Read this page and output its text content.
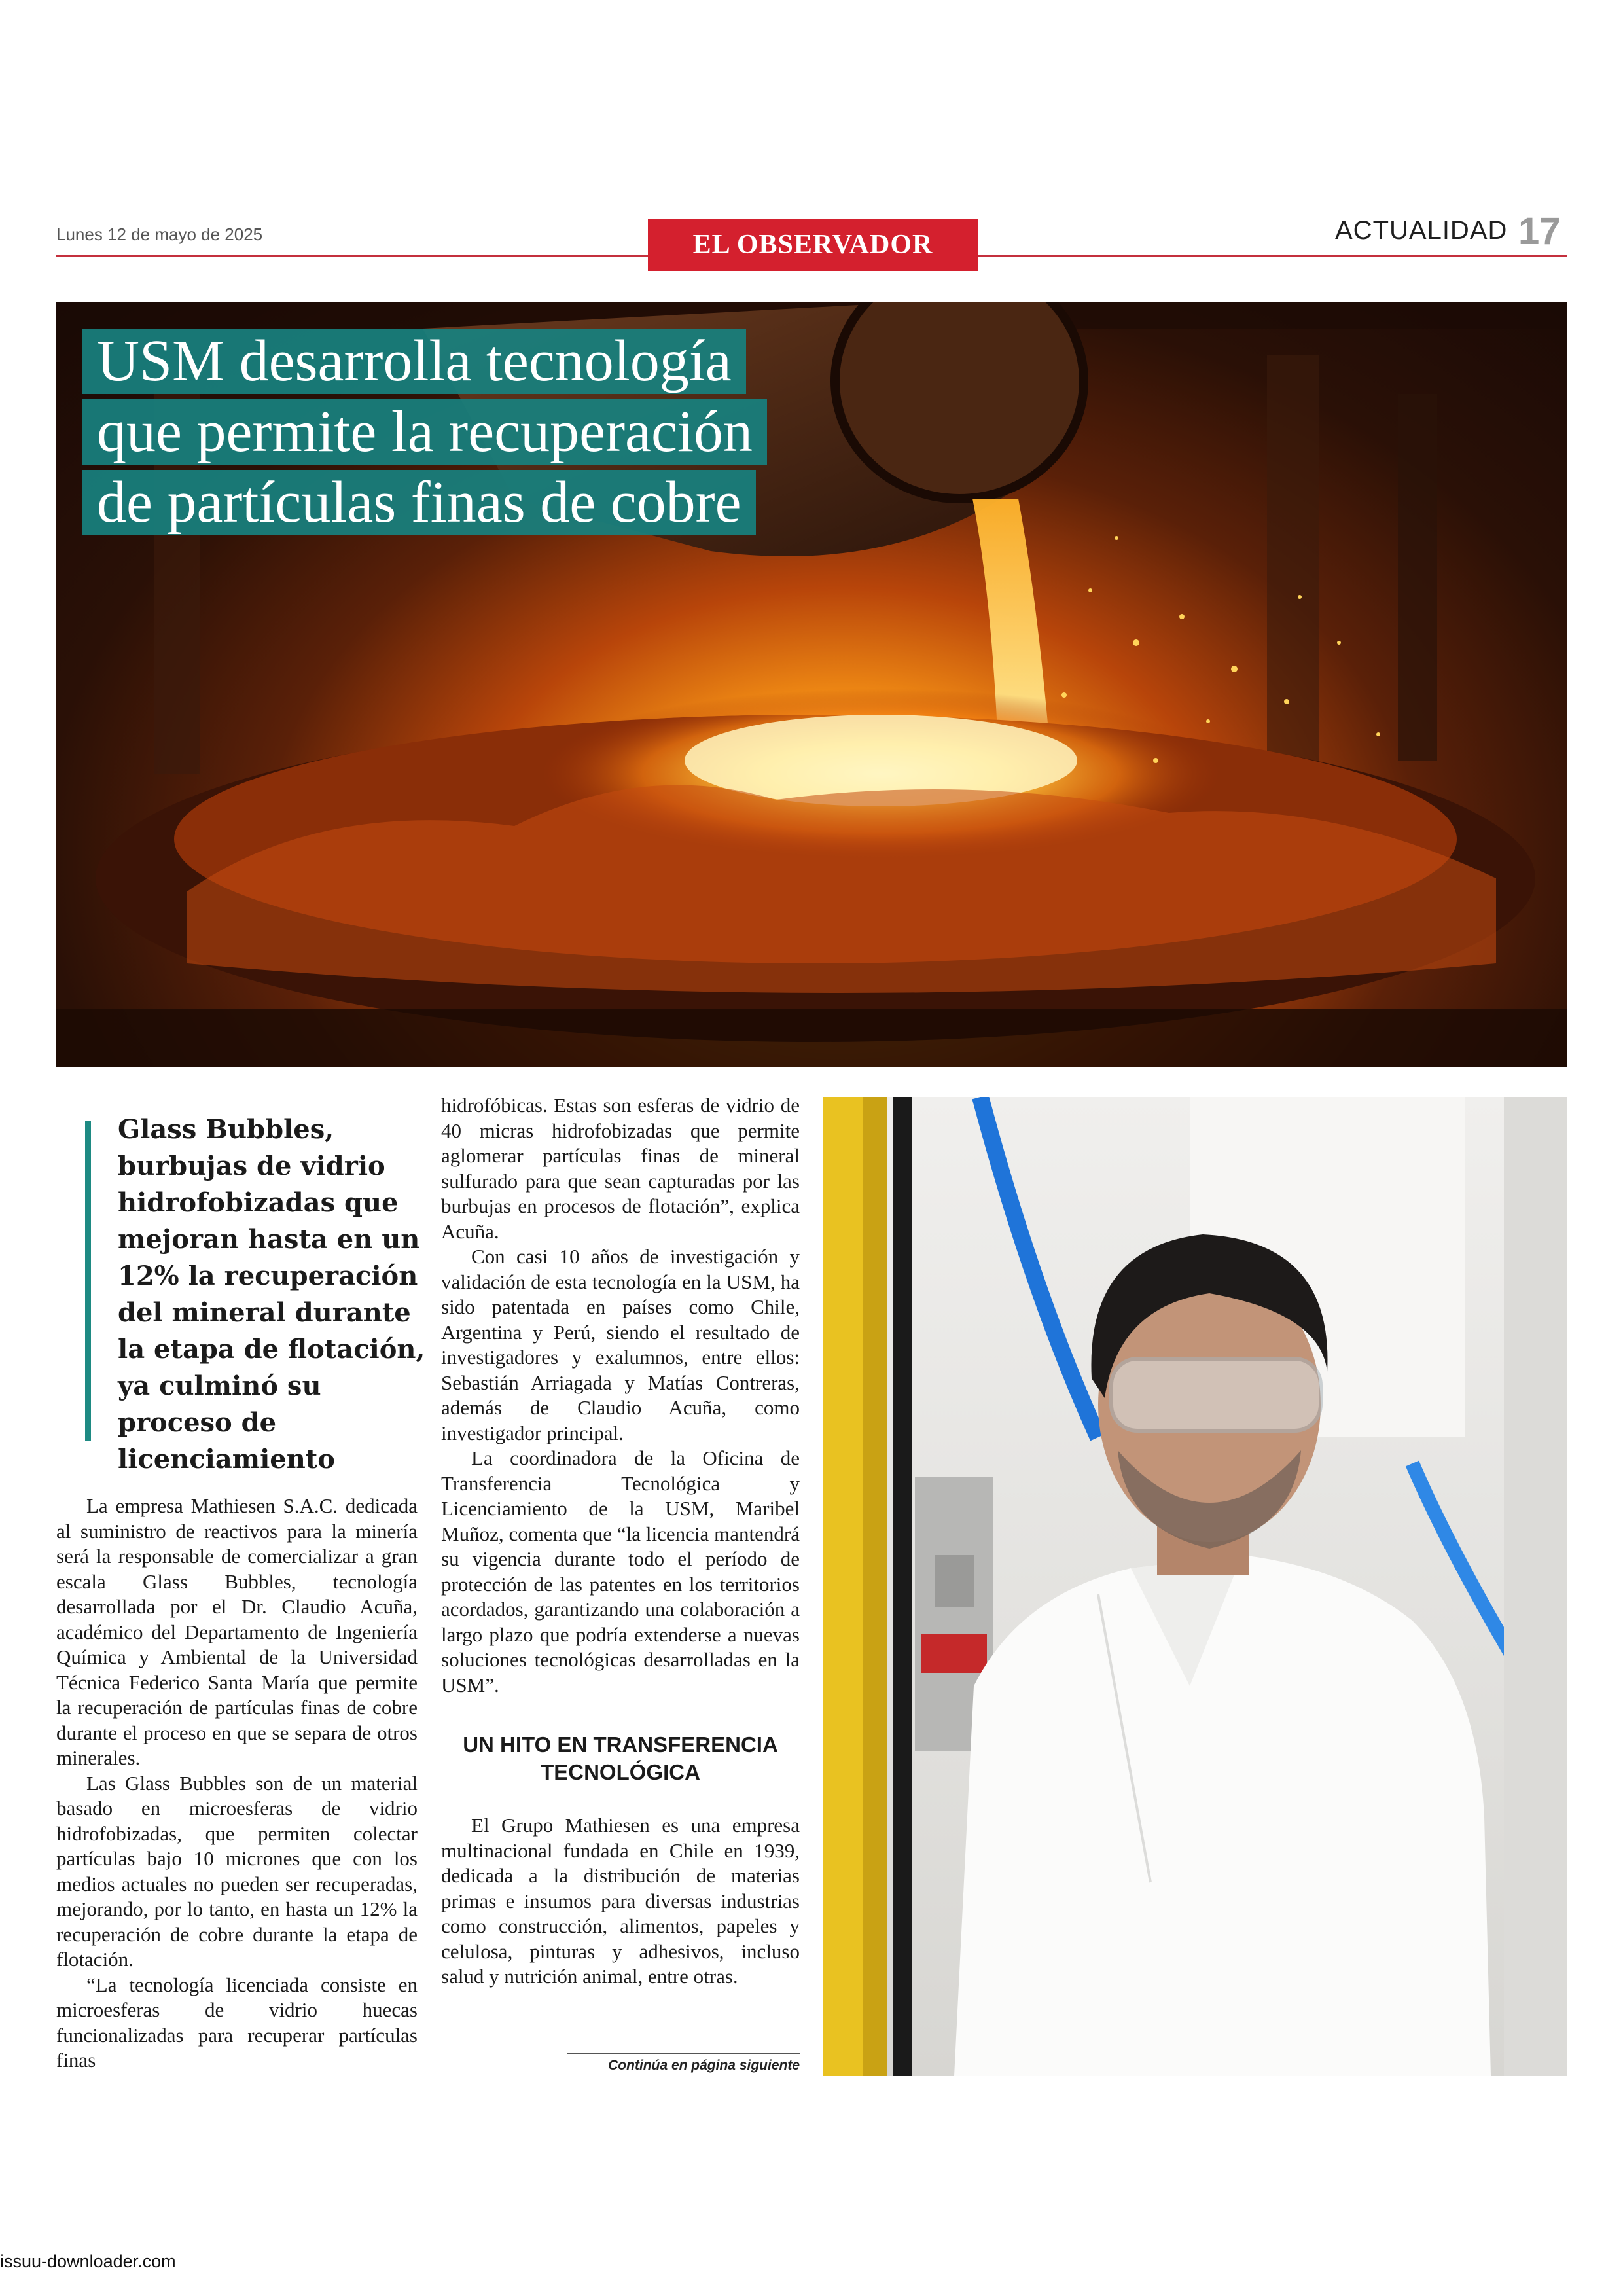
Lunes 12 de mayo de 2025	EL OBSERVADOR	ACTUALIDAD 17
USM desarrolla tecnología
que permite la recuperación
de partículas finas de cobre
Glass Bubbles, burbujas de vidrio hidrofobizadas que mejoran hasta en un 12% la recuperación del mineral durante la etapa de flotación, ya culminó su proceso de licenciamiento

La empresa Mathiesen S.A.C. dedicada al suministro de reactivos para la minería será la responsable de comercializar a gran escala Glass Bubbles, tecnología desarrollada por el Dr. Claudio Acuña, académico del Departamento de Ingeniería Química y Ambiental de la Universidad Técnica Federico Santa María que permite la recuperación de partículas finas de cobre durante el proceso en que se separa de otros minerales.

Las Glass Bubbles son de un material basado en microesferas de vidrio hidrofobizadas, que permiten colectar partículas bajo 10 micrones que con los medios actuales no pueden ser recuperadas, mejorando, por lo tanto, en hasta un 12% la recuperación de cobre durante la etapa de flotación.

“La tecnología licenciada consiste en microesferas de vidrio huecas funcionalizadas para recuperar partículas finas

hidrofóbicas. Estas son esferas de vidrio de 40 micras hidrofobizadas que permite aglomerar partículas finas de mineral sulfurado para que sean capturadas por las burbujas en procesos de flotación”, explica Acuña.

Con casi 10 años de investigación y validación de esta tecnología en la USM, ha sido patentada en países como Chile, Argentina y Perú, siendo el resultado de investigadores y exalumnos, entre ellos: Sebastián Arriagada y Matías Contreras, además de Claudio Acuña, como investigador principal.

La coordinadora de la Oficina de Transferencia Tecnológica y Licenciamiento de la USM, Maribel Muñoz, comenta que “la licencia mantendrá su vigencia durante todo el período de protección de las patentes en los territorios acordados, garantizando una colaboración a largo plazo que podría extenderse a nuevas soluciones tecnológicas desarrolladas en la USM”.

UN HITO EN TRANSFERENCIA TECNOLÓGICA

El Grupo Mathiesen es una empresa multinacional fundada en Chile en 1939, dedicada a la distribución de materias primas e insumos para diversas industrias como construcción, alimentos, papeles y celulosa, pinturas y adhesivos, incluso salud y nutrición animal, entre otras.

Continúa en página siguiente
issuu-downloader.com
